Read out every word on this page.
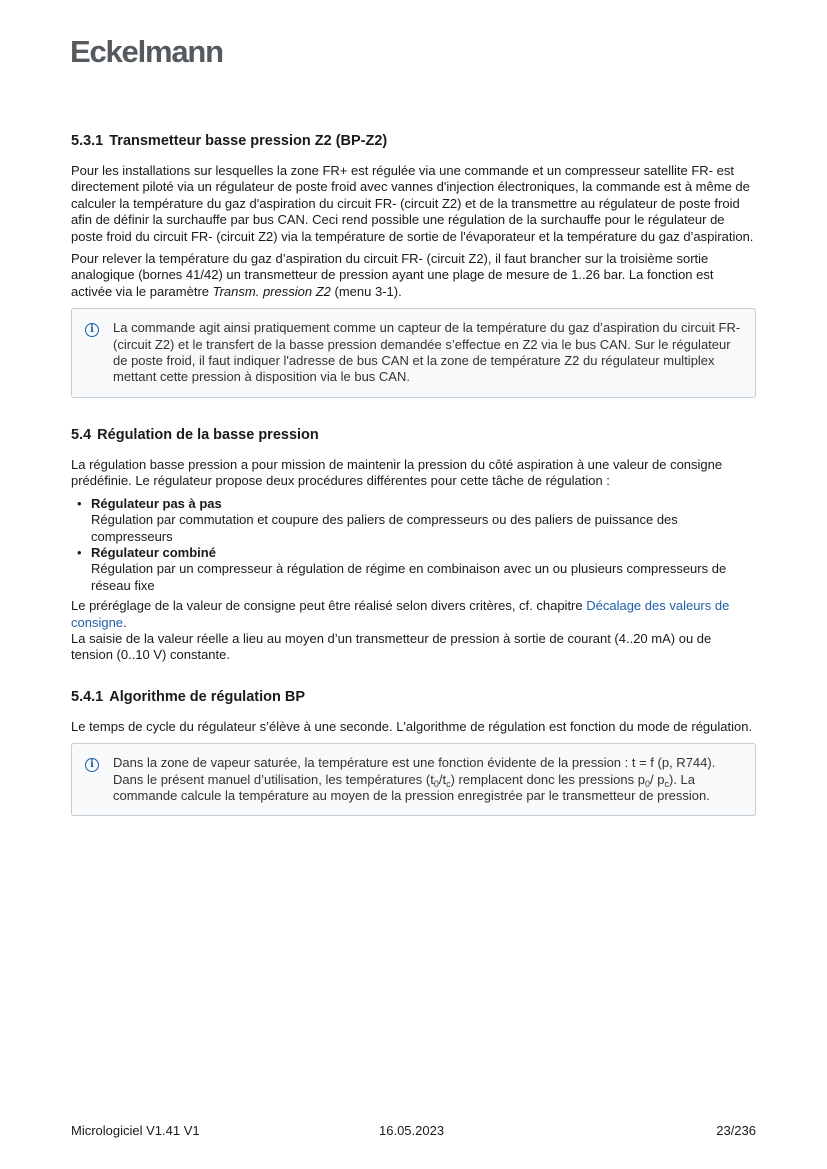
Eckelmann
5.3.1 Transmetteur basse pression Z2 (BP-Z2)

Pour les installations sur lesquelles la zone FR+ est régulée via une commande et un compresseur satellite FR- est directement piloté via un régulateur de poste froid avec vannes d'injection électroniques, la commande est à même de calculer la température du gaz d'aspiration du circuit FR- (circuit Z2) et de la transmettre au régulateur de poste froid afin de définir la surchauffe par bus CAN. Ceci rend possible une régulation de la surchauffe pour le régulateur de poste froid du circuit FR- (circuit Z2) via la température de sortie de l'évaporateur et la température du gaz d’aspiration.

Pour relever la température du gaz d’aspiration du circuit FR- (circuit Z2), il faut brancher sur la troisième sortie analogique (bornes 41/42) un transmetteur de pression ayant une plage de mesure de 1..26 bar. La fonction est activée via le paramètre Transm. pression Z2 (menu 3-1).

i	La commande agit ainsi pratiquement comme un capteur de la température du gaz d’aspiration du circuit FR- (circuit Z2) et le transfert de la basse pression demandée s’effectue en Z2 via le bus CAN. Sur le régulateur de poste froid, il faut indiquer l'adresse de bus CAN et la zone de température Z2 du régulateur multiplex mettant cette pression à disposition via le bus CAN.
5.4 Régulation de la basse pression

La régulation basse pression a pour mission de maintenir la pression du côté aspiration à une valeur de consigne prédéfinie. Le régulateur propose deux procédures différentes pour cette tâche de régulation :

• Régulateur pas à pas
Régulation par commutation et coupure des paliers de compresseurs ou des paliers de puissance des compresseurs
• Régulateur combiné
Régulation par un compresseur à régulation de régime en combinaison avec un ou plusieurs compresseurs de réseau fixe

Le préréglage de la valeur de consigne peut être réalisé selon divers critères, cf. chapitre Décalage des valeurs de consigne.

La saisie de la valeur réelle a lieu au moyen d’un transmetteur de pression à sortie de courant (4..20 mA) ou de tension (0..10 V) constante.

5.4.1 Algorithme de régulation BP

Le temps de cycle du régulateur s’élève à une seconde. L'algorithme de régulation est fonction du mode de régulation.

i	Dans la zone de vapeur saturée, la température est une fonction évidente de la pression : t = f (p, R744). Dans le présent manuel d’utilisation, les températures $(t_0/t_c)$ remplacent donc les pressions $p_0/$ $p_c$). La commande calcule la température au moyen de la pression enregistrée par le transmetteur de pression.
Micrologiciel V1.41 V1	16.05.2023	23/236
